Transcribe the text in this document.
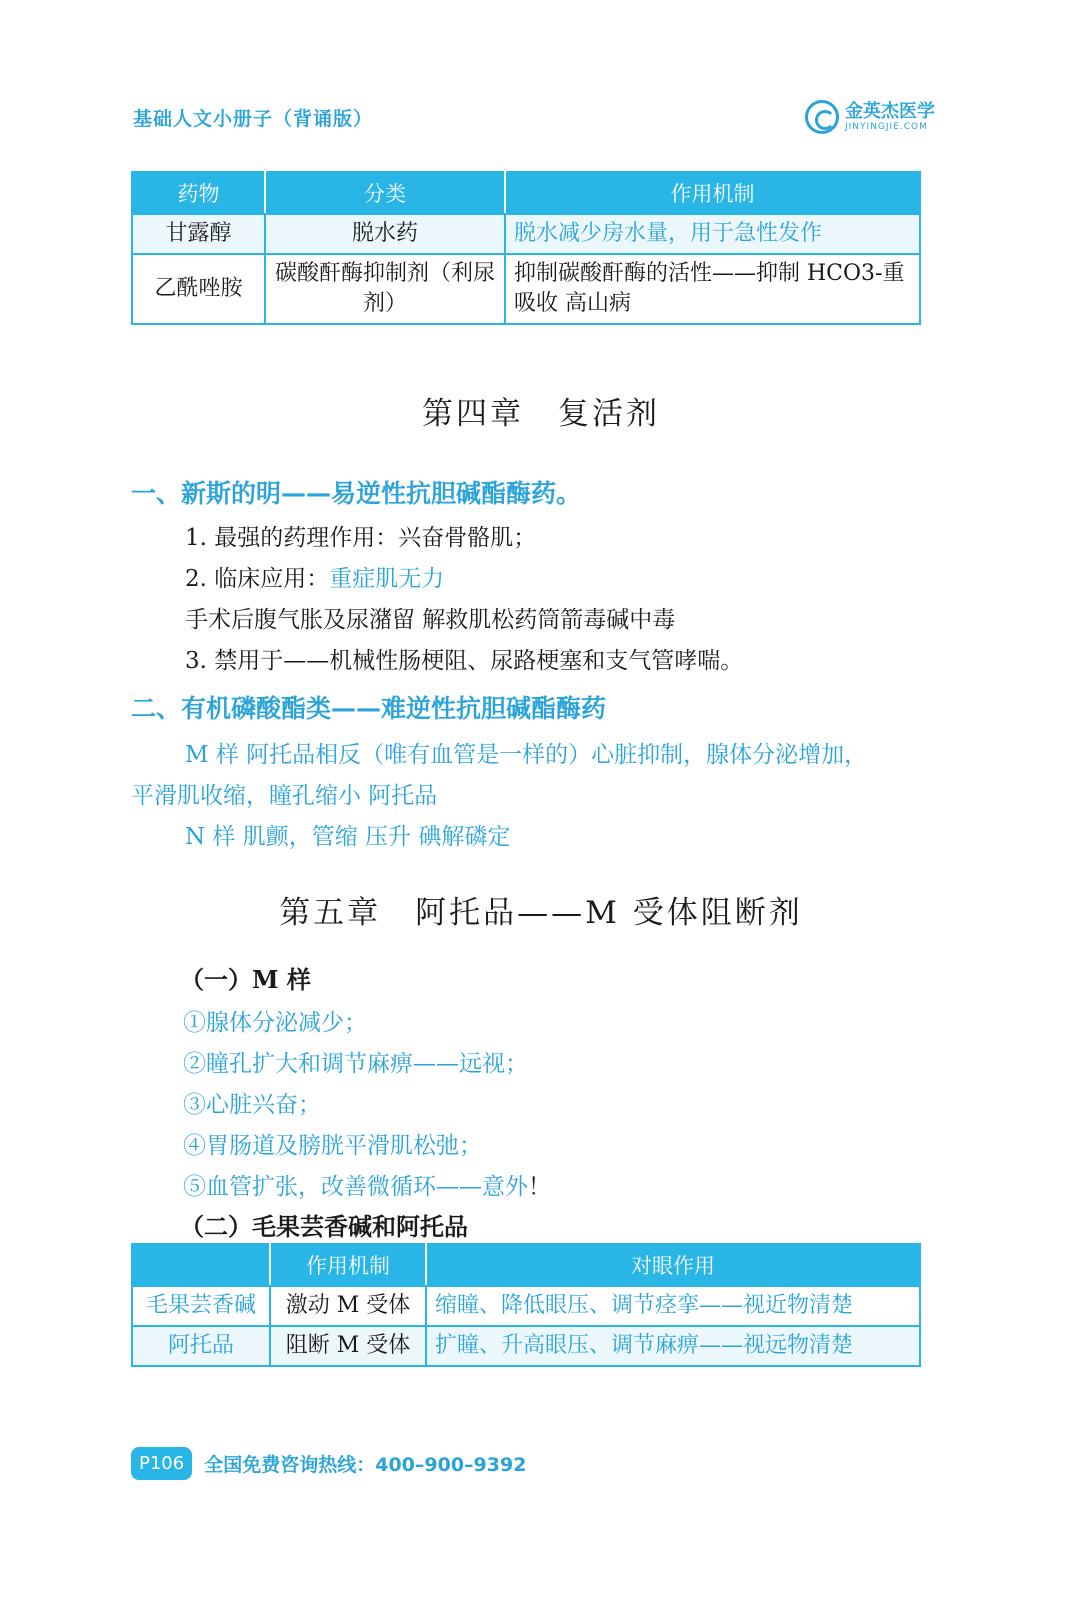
基础人文小册子（背诵版）	金英杰医学
JINYINGJIE.COM
药物	分类	作用机制
甘露醇	脱水药	脱水减少房水量，用于急性发作
乙酰唑胺	碳酸酐酶抑制剂（利尿剂）	抑制碳酸酐酶的活性——抑制 HCO3-重吸收 高山病
第四章　复活剂
一、新斯的明——易逆性抗胆碱酯酶药。
1. 最强的药理作用：兴奋骨骼肌；
2. 临床应用：重症肌无力
手术后腹气胀及尿潴留 解救肌松药筒箭毒碱中毒
3. 禁用于——机械性肠梗阻、尿路梗塞和支气管哮喘。
二、有机磷酸酯类——难逆性抗胆碱酯酶药
M 样 阿托品相反（唯有血管是一样的）心脏抑制，腺体分泌增加，
平滑肌收缩，瞳孔缩小 阿托品
N 样 肌颤，管缩 压升 碘解磷定
第五章　阿托品——M 受体阻断剂
（一）M 样
①腺体分泌减少；
②瞳孔扩大和调节麻痹——远视；
③心脏兴奋；
④胃肠道及膀胱平滑肌松弛；
⑤血管扩张，改善微循环——意外！
（二）毛果芸香碱和阿托品
	作用机制	对眼作用
毛果芸香碱	激动 M 受体	缩瞳、降低眼压、调节痉挛——视近物清楚
阿托品	阻断 M 受体	扩瞳、升高眼压、调节麻痹——视远物清楚
P106	全国免费咨询热线：400–900–9392
